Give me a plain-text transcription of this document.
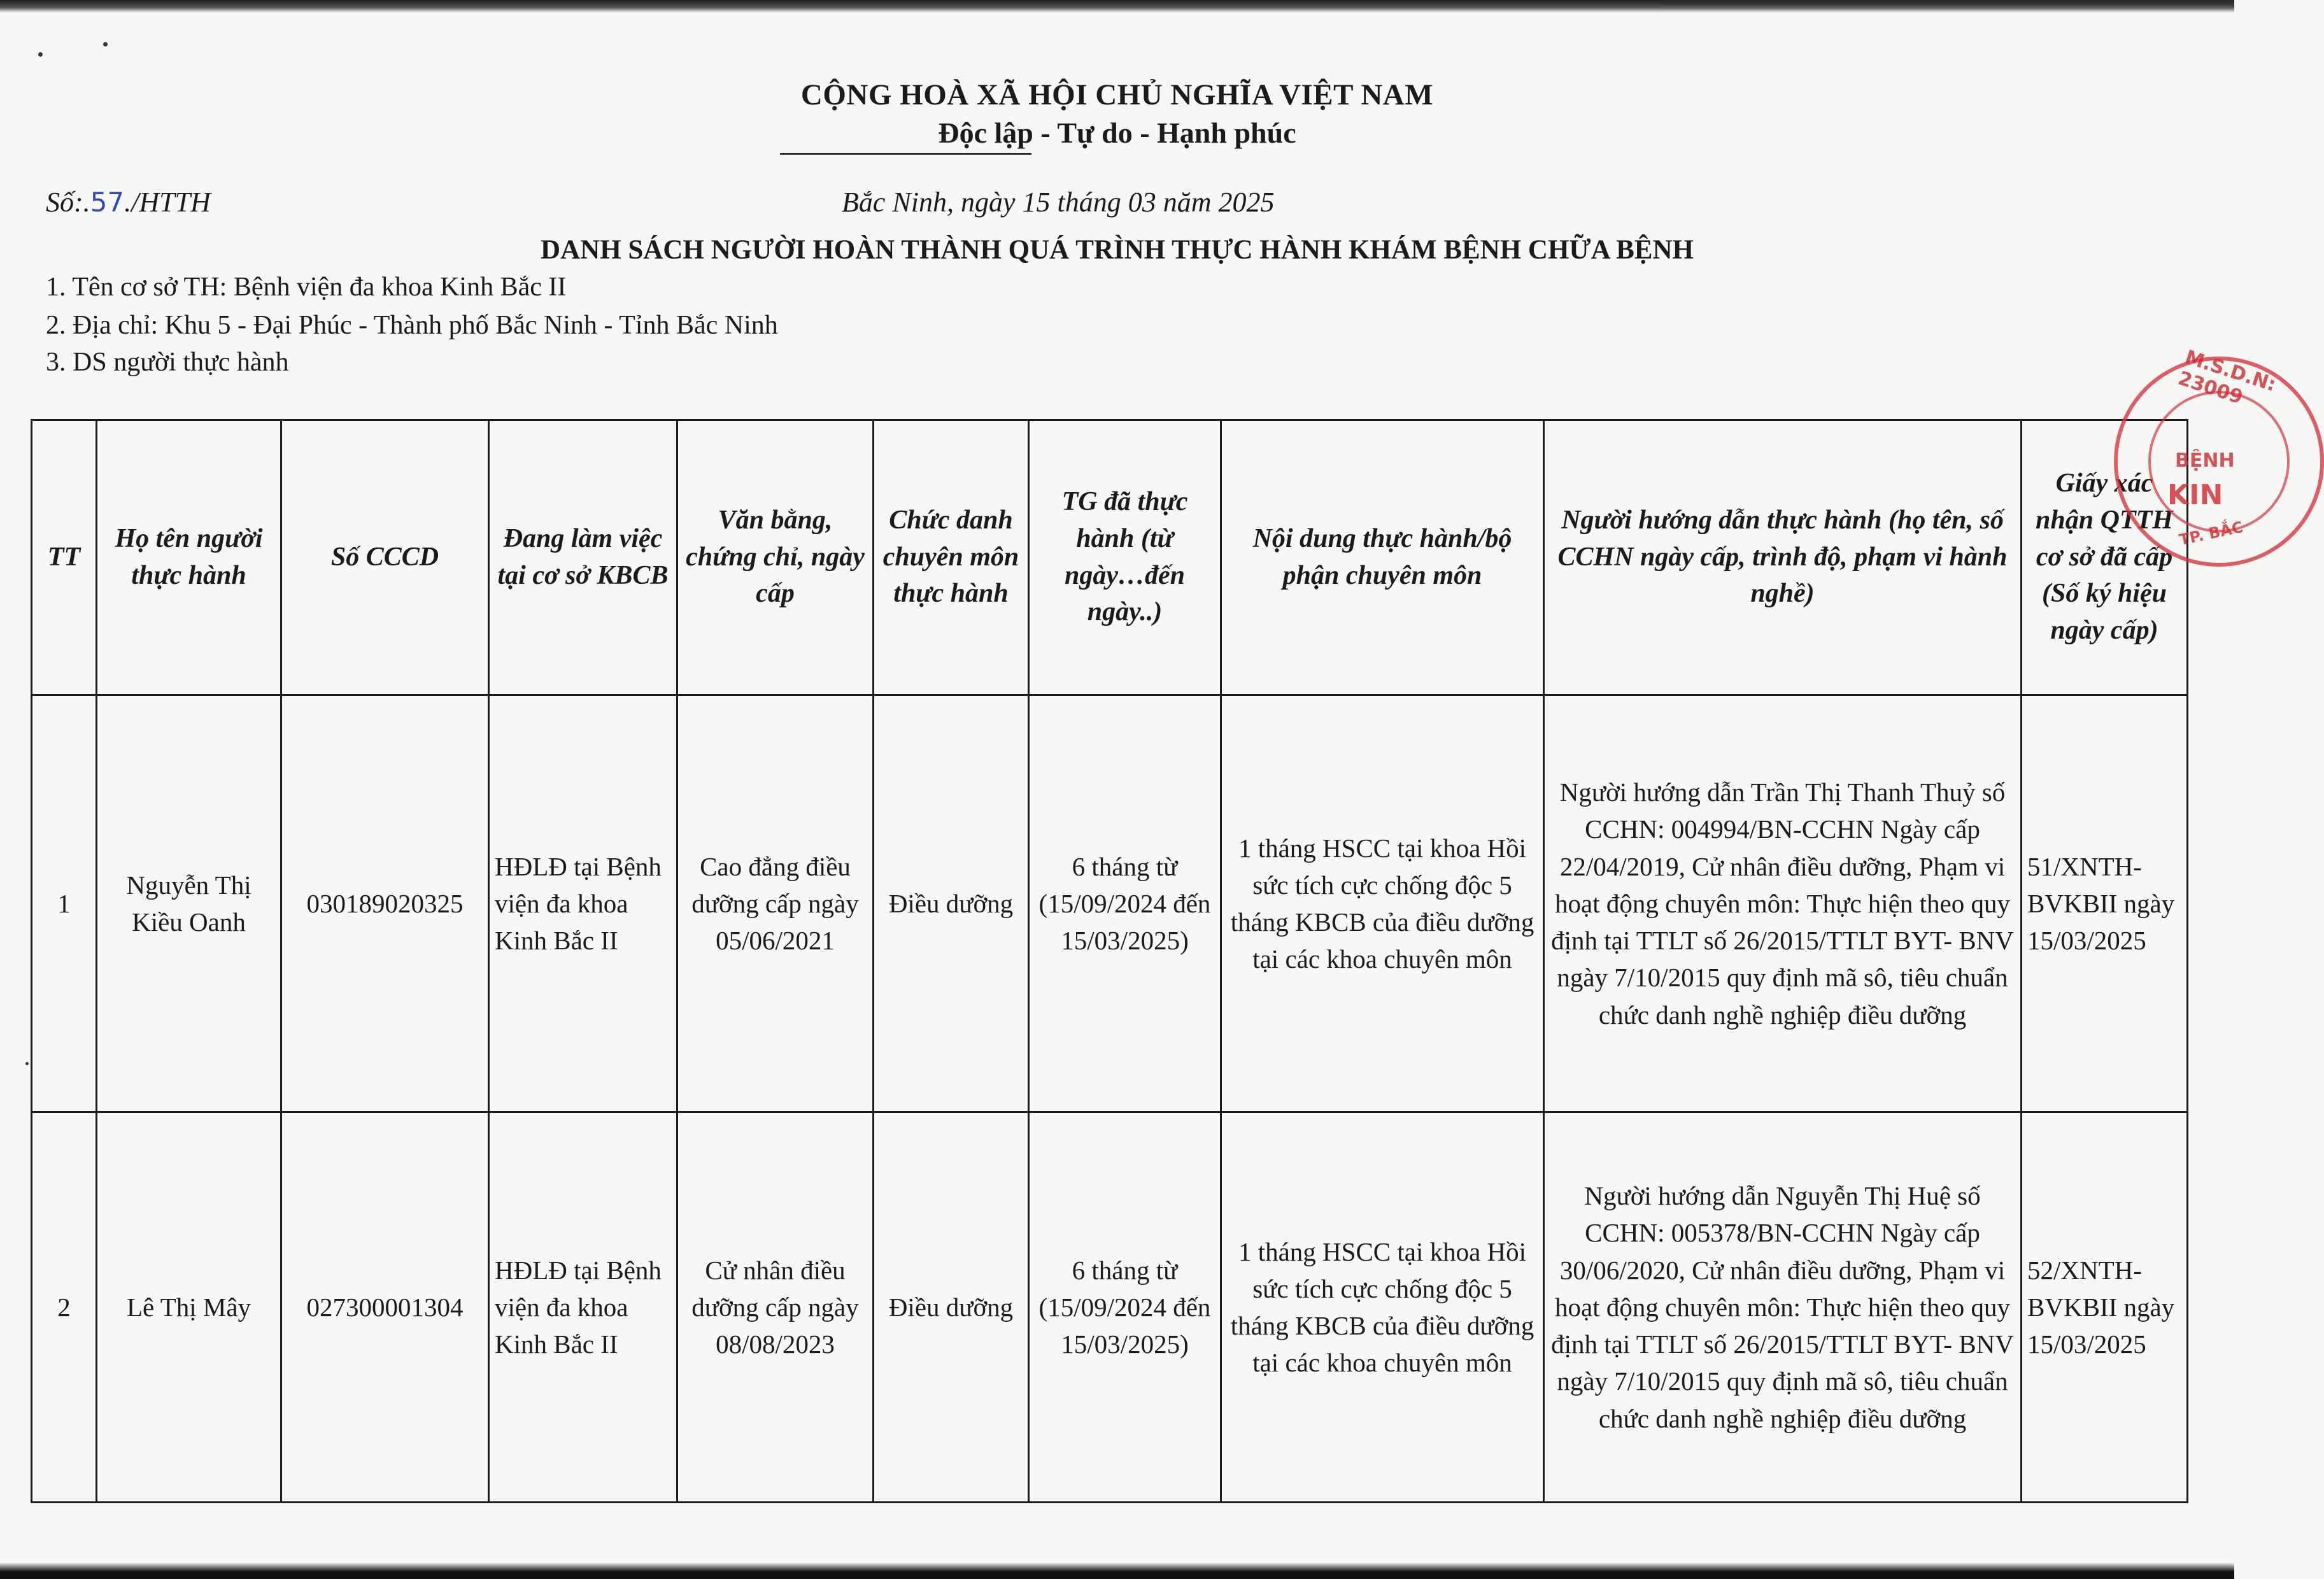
CỘNG HOÀ XÃ HỘI CHỦ NGHĨA VIỆT NAM
Độc lập - Tự do - Hạnh phúc
Số:.57./HTTH	Bắc Ninh, ngày 15 tháng 03 năm 2025
DANH SÁCH NGƯỜI HOÀN THÀNH QUÁ TRÌNH THỰC HÀNH KHÁM BỆNH CHỮA BỆNH
1. Tên cơ sở TH: Bệnh viện đa khoa Kinh Bắc II
2. Địa chỉ: Khu 5 - Đại Phúc - Thành phố Bắc Ninh - Tỉnh Bắc Ninh
3. DS người thực hành
TT	Họ tên người thực hành	Số CCCD	Đang làm việc tại cơ sở KBCB	Văn bằng, chứng chỉ, ngày cấp	Chức danh chuyên môn thực hành	TG đã thực hành (từ ngày…đến ngày..)	Nội dung thực hành/bộ phận chuyên môn	Người hướng dẫn thực hành (họ tên, số CCHN ngày cấp, trình độ, phạm vi hành nghề)	Giấy xác nhận QTTH cơ sở đã cấp (Số ký hiệu ngày cấp)
1	Nguyễn Thị Kiều Oanh	030189020325	HĐLĐ tại Bệnh viện đa khoa Kinh Bắc II	Cao đẳng điều dưỡng cấp ngày 05/06/2021	Điều dưỡng	6 tháng từ (15/09/2024 đến 15/03/2025)	1 tháng HSCC tại khoa Hồi sức tích cực chống độc 5 tháng KBCB của điều dưỡng tại các khoa chuyên môn	Người hướng dẫn Trần Thị Thanh Thuỷ số CCHN: 004994/BN-CCHN Ngày cấp 22/04/2019, Cử nhân điều dưỡng, Phạm vi hoạt động chuyên môn: Thực hiện theo quy định tại TTLT số 26/2015/TTLT BYT- BNV ngày 7/10/2015 quy định mã sô, tiêu chuẩn chức danh nghề nghiệp điều dưỡng	51/XNTH-BVKBII ngày 15/03/2025
2	Lê Thị Mây	027300001304	HĐLĐ tại Bệnh viện đa khoa Kinh Bắc II	Cử nhân điều dưỡng cấp ngày 08/08/2023	Điều dưỡng	6 tháng từ (15/09/2024 đến 15/03/2025)	1 tháng HSCC tại khoa Hồi sức tích cực chống độc 5 tháng KBCB của điều dưỡng tại các khoa chuyên môn	Người hướng dẫn Nguyễn Thị Huệ số CCHN: 005378/BN-CCHN Ngày cấp 30/06/2020, Cử nhân điều dưỡng, Phạm vi hoạt động chuyên môn: Thực hiện theo quy định tại TTLT số 26/2015/TTLT BYT- BNV ngày 7/10/2015 quy định mã sô, tiêu chuẩn chức danh nghề nghiệp điều dưỡng	52/XNTH-BVKBII ngày 15/03/2025
M.S.D.N: 23009
BỆNH
KIN
TP. BẮC
